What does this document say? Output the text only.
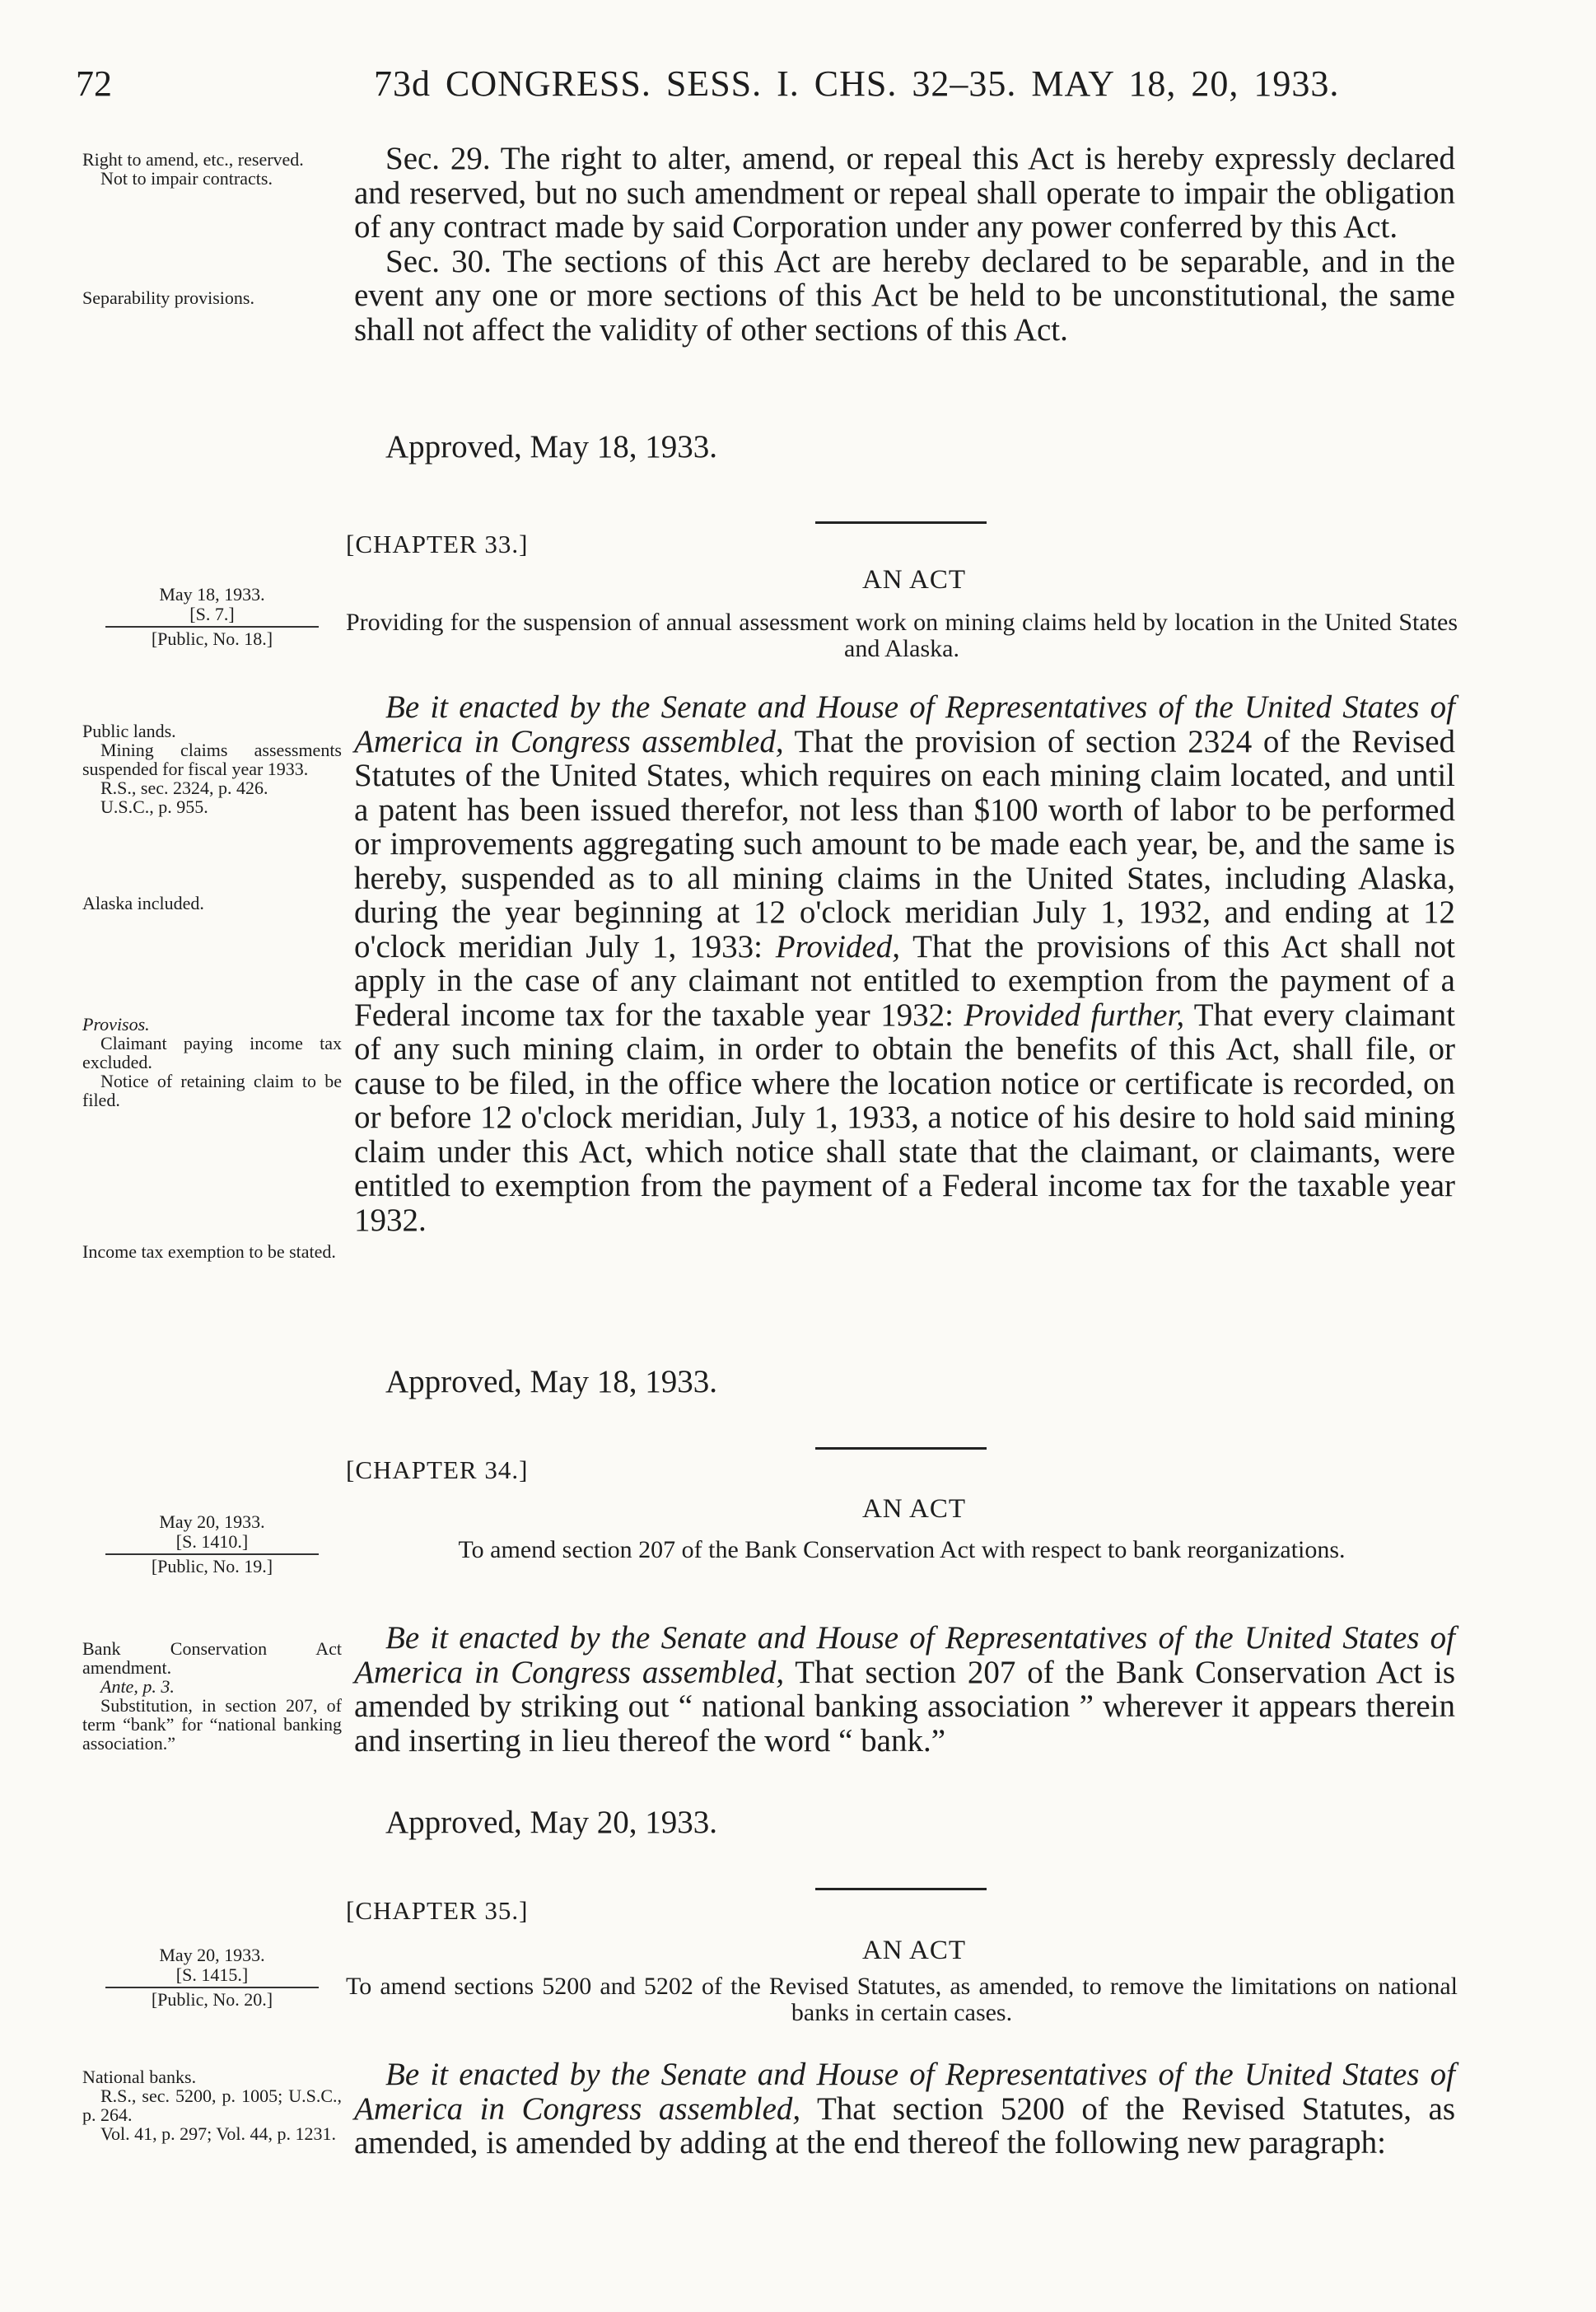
72	73d CONGRESS. SESS. I. CHS. 32–35. MAY 18, 20, 1933.
Right to amend, etc., reserved.
Not to impair contracts.
Separability provisions.

Sec. 29. The right to alter, amend, or repeal this Act is hereby expressly declared and reserved, but no such amendment or repeal shall operate to impair the obligation of any contract made by said Corporation under any power conferred by this Act.

Sec. 30. The sections of this Act are hereby declared to be separable, and in the event any one or more sections of this Act be held to be unconstitutional, the same shall not affect the validity of other sections of this Act.

Approved, May 18, 1933.
[CHAPTER 33.]
AN ACT
May 18, 1933.
[S. 7.]
[Public, No. 18.]
Providing for the suspension of annual assessment work on mining claims held by location in the United States and Alaska.
Public lands.
Mining claims assessments suspended for fiscal year 1933.
R.S., sec. 2324, p. 426.
U.S.C., p. 955.
Alaska included.
Provisos.
Claimant paying income tax excluded.
Notice of retaining claim to be filed.
Income tax exemption to be stated.

Be it enacted by the Senate and House of Representatives of the United States of America in Congress assembled, That the provision of section 2324 of the Revised Statutes of the United States, which requires on each mining claim located, and until a patent has been issued therefor, not less than $100 worth of labor to be performed or improvements aggregating such amount to be made each year, be, and the same is hereby, suspended as to all mining claims in the United States, including Alaska, during the year beginning at 12 o'clock meridian July 1, 1932, and ending at 12 o'clock meridian July 1, 1933: Provided, That the provisions of this Act shall not apply in the case of any claimant not entitled to exemption from the payment of a Federal income tax for the taxable year 1932: Provided further, That every claimant of any such mining claim, in order to obtain the benefits of this Act, shall file, or cause to be filed, in the office where the location notice or certificate is recorded, on or before 12 o'clock meridian, July 1, 1933, a notice of his desire to hold said mining claim under this Act, which notice shall state that the claimant, or claimants, were entitled to exemption from the payment of a Federal income tax for the taxable year 1932.

Approved, May 18, 1933.
[CHAPTER 34.]
AN ACT
May 20, 1933.
[S. 1410.]
[Public, No. 19.]
To amend section 207 of the Bank Conservation Act with respect to bank reorganizations.
Bank Conservation Act amendment.
Ante, p. 3.
Substitution, in section 207, of term “bank” for “national banking association.”

Be it enacted by the Senate and House of Representatives of the United States of America in Congress assembled, That section 207 of the Bank Conservation Act is amended by striking out “ national banking association ” wherever it appears therein and inserting in lieu thereof the word “ bank.”

Approved, May 20, 1933.
[CHAPTER 35.]
AN ACT
May 20, 1933.
[S. 1415.]
[Public, No. 20.]	To amend sections 5200 and 5202 of the Revised Statutes, as amended, to remove the limitations on national banks in certain cases.
National banks.
R.S., sec. 5200, p. 1005; U.S.C., p. 264.
Vol. 41, p. 297; Vol. 44, p. 1231.

Be it enacted by the Senate and House of Representatives of the United States of America in Congress assembled, That section 5200 of the Revised Statutes, as amended, is amended by adding at the end thereof the following new paragraph:
